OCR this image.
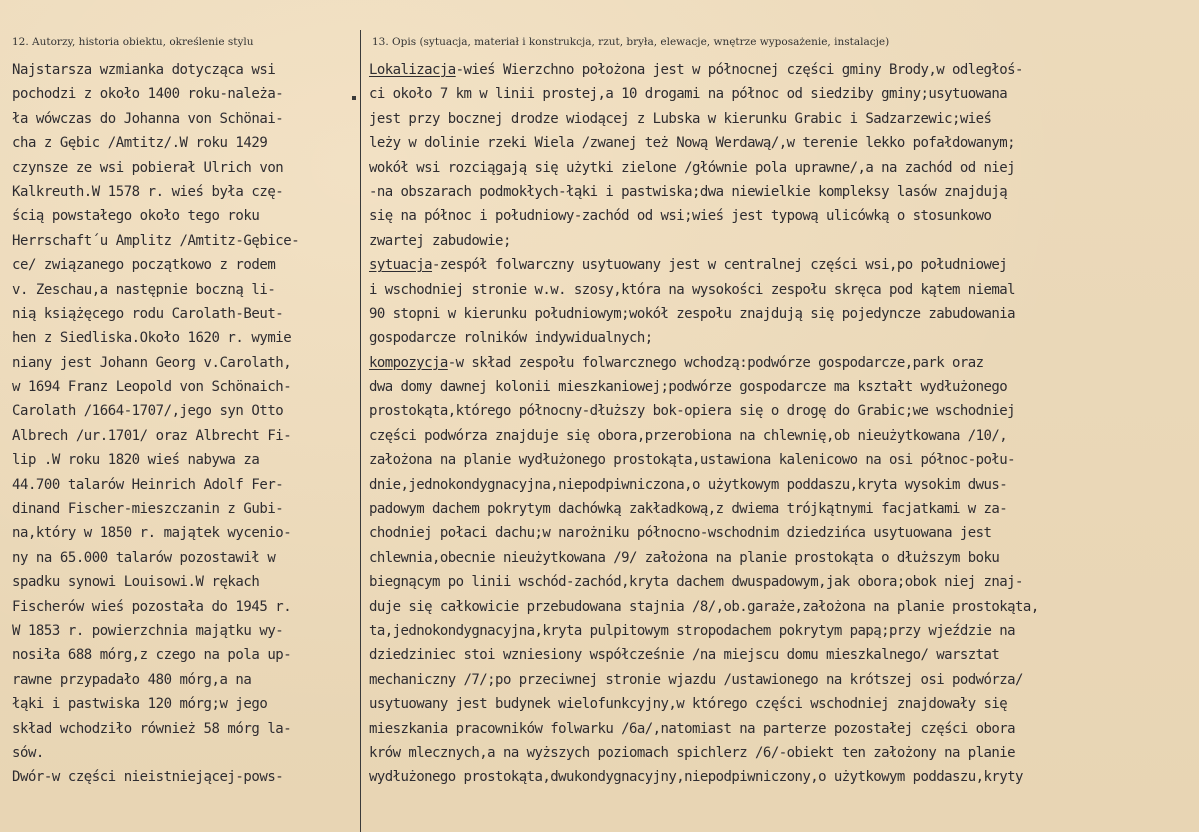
12. Autorzy, historia obiektu, określenie stylu	13. Opis (sytuacja, materiał i konstrukcja, rzut, bryła, elewacje, wnętrze wyposażenie, instalacje)
Najstarsza wzmianka dotycząca wsi
pochodzi z około 1400 roku-należa-
ła wówczas do Johanna von Schönai-
cha z Gębic /Amtitz/.W roku 1429
czynsze ze wsi pobierał Ulrich von
Kalkreuth.W 1578 r. wieś była czę-
ścią powstałego około tego roku
Herrschaft´u Amplitz /Amtitz-Gębice-
ce/ związanego początkowo z rodem
v. Zeschau,a następnie boczną li-
nią książęcego rodu Carolath-Beut-
hen z Siedliska.Około 1620 r. wymie
niany jest Johann Georg v.Carolath,
w 1694 Franz Leopold von Schönaich-
Carolath /1664-1707/,jego syn Otto
Albrech /ur.1701/ oraz Albrecht Fi-
lip .W roku 1820 wieś nabywa za
44.700 talarów Heinrich Adolf Fer-
dinand Fischer-mieszczanin z Gubi-
na,który w 1850 r. majątek wyceniо-
ny na 65.000 talarów pozostawił w
spadku synowi Louisowi.W rękach
Fischerów wieś pozostała do 1945 r.
W 1853 r. powierzchnia majątku wy-
nosiła 688 mórg,z czego na pola up-
rawne przypadało 480 mórg,a na
łąki i pastwiska 120 mórg;w jego
skład wchodziło również 58 mórg la-
sów.
Dwór-w części nieistniejącej-pows-
Lokalizacja-wieś Wierzchno położona jest w północnej części gminy Brody,w odległoś-
ci około 7 km w linii prostej,a 10 drogami na północ od siedziby gminy;usytuowana
jest przy bocznej drodze wiodącej z Lubska w kierunku Grabic i Sadzarzewic;wieś
leży w dolinie rzeki Wiela /zwanej też Nową Werdawą/,w terenie lekko pofałdowanym;
wokół wsi rozciągają się użytki zielone /głównie pola uprawne/,a na zachód od niej
-na obszarach podmokłych-łąki i pastwiska;dwa niewielkie kompleksy lasów znajdują
się na północ i południowy-zachód od wsi;wieś jest typową ulicówką o stosunkowo
zwartej zabudowie;
sytuacja-zespół folwarczny usytuowany jest w centralnej części wsi,po południowej
i wschodniej stronie w.w. szosy,która na wysokości zespołu skręca pod kątem niemal
90 stopni w kierunku południowym;wokół zespołu znajdują się pojedyncze zabudowania
gospodarcze rolników indywidualnych;
kompozycja-w skład zespołu folwarcznego wchodzą:podwórze gospodarcze,park oraz
dwa domy dawnej kolonii mieszkaniowej;podwórze gospodarcze ma kształt wydłużonego
prostokąta,którego północny-dłuższy bok-opiera się o drogę do Grabic;we wschodniej
części podwórza znajduje się obora,przerobiona na chlewnię,ob nieużytkowana /10/,
założona na planie wydłużonego prostokąta,ustawiona kalenicowo na osi północ-połu-
dnie,jednokondygnacyjna,niepodpiwniczona,o użytkowym poddaszu,kryta wysokim dwus-
padowym dachem pokrytym dachówką zakładkową,z dwiema trójkątnymi facjatkami w za-
chodniej połaci dachu;w narożniku północno-wschodnim dziedzińca usytuowana jest
chlewnia,obecnie nieużytkowana /9/ założona na planie prostokąta o dłuższym boku
biegnącym po linii wschód-zachód,kryta dachem dwuspadowym,jak obora;obok niej znaj-
duje się całkowicie przebudowana stajnia /8/,ob.garaże,założona na planie prostokąta,
ta,jednokondygnacyjna,kryta pulpitowym stropodachem pokrytym papą;przy wjeździe na
dziedziniec stoi wzniesiony współcześnie /na miejscu domu mieszkalnego/ warsztat
mechaniczny /7/;po przeciwnej stronie wjazdu /ustawionego na krótszej osi podwórza/
usytuowany jest budynek wielofunkcyjny,w którego części wschodniej znajdowały się
mieszkania pracowników folwarku /6a/,natomiast na parterze pozostałej części obora
krów mlecznych,a na wyższych poziomach spichlerz /6/-obiekt ten założony na planie
wydłużonego prostokąta,dwukondygnacyjny,niepodpiwniczony,o użytkowym poddaszu,kryty
